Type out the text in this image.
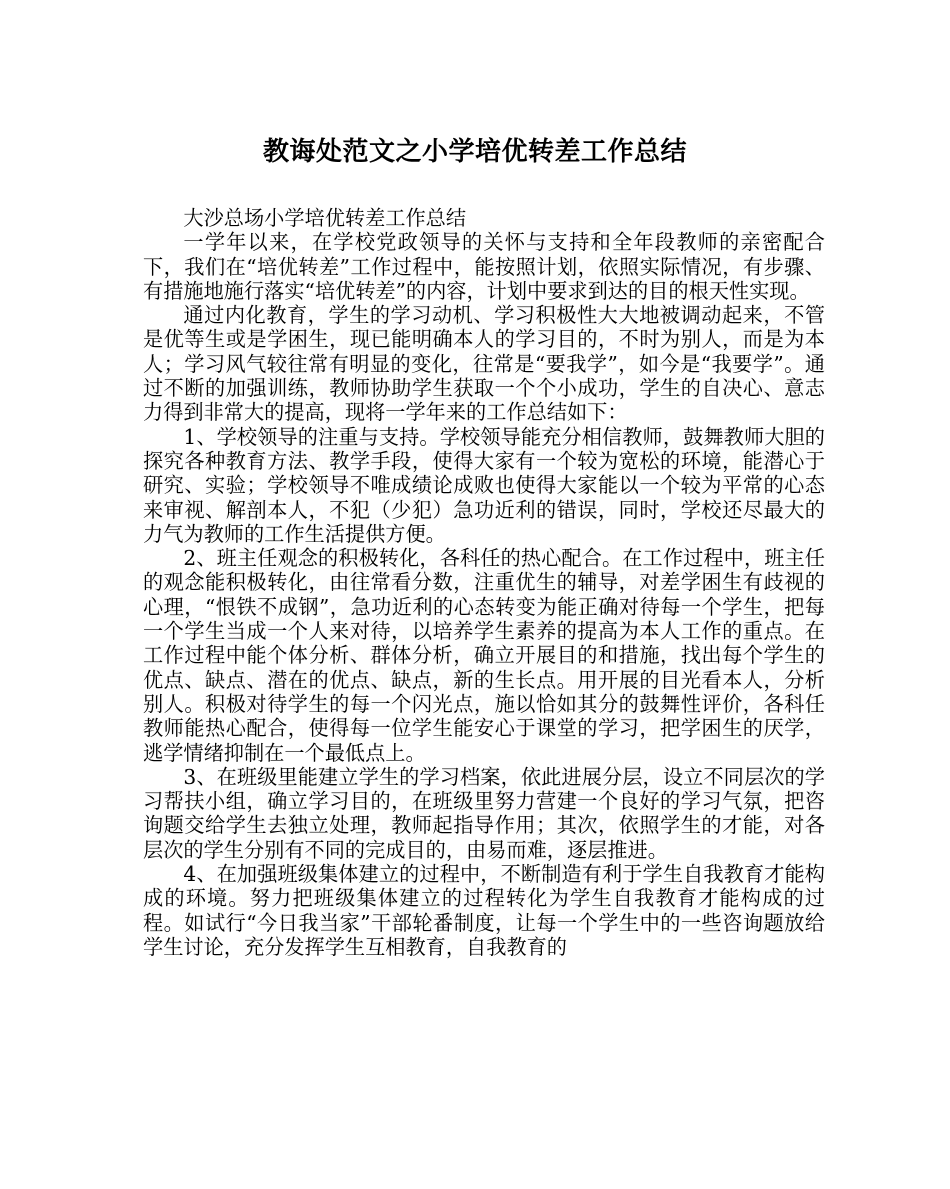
教诲处范文之小学培优转差工作总结

大沙总场小学培优转差工作总结

一学年以来，在学校党政领导的关怀与支持和全年段教师的亲密配合下，我们在“培优转差”工作过程中，能按照计划，依照实际情况，有步骤、有措施地施行落实“培优转差”的内容，计划中要求到达的目的根天性实现。

通过内化教育，学生的学习动机、学习积极性大大地被调动起来，不管是优等生或是学困生，现已能明确本人的学习目的，不时为别人，而是为本人；学习风气较往常有明显的变化，往常是“要我学”，如今是“我要学”。通过不断的加强训练，教师协助学生获取一个个小成功，学生的自决心、意志力得到非常大的提高，现将一学年来的工作总结如下：

1、学校领导的注重与支持。学校领导能充分相信教师，鼓舞教师大胆的探究各种教育方法、教学手段，使得大家有一个较为宽松的环境，能潜心于研究、实验；学校领导不唯成绩论成败也使得大家能以一个较为平常的心态来审视、解剖本人，不犯（少犯）急功近利的错误，同时，学校还尽最大的力气为教师的工作生活提供方便。

2、班主任观念的积极转化，各科任的热心配合。在工作过程中，班主任的观念能积极转化，由往常看分数，注重优生的辅导，对差学困生有歧视的心理，“恨铁不成钢”，急功近利的心态转变为能正确对待每一个学生，把每一个学生当成一个人来对待，以培养学生素养的提高为本人工作的重点。在工作过程中能个体分析、群体分析，确立开展目的和措施，找出每个学生的优点、缺点、潜在的优点、缺点，新的生长点。用开展的目光看本人，分析别人。积极对待学生的每一个闪光点，施以恰如其分的鼓舞性评价，各科任教师能热心配合，使得每一位学生能安心于课堂的学习，把学困生的厌学，逃学情绪抑制在一个最低点上。

3、在班级里能建立学生的学习档案，依此进展分层，设立不同层次的学习帮扶小组，确立学习目的，在班级里努力营建一个良好的学习气氛，把咨询题交给学生去独立处理，教师起指导作用；其次，依照学生的才能，对各层次的学生分别有不同的完成目的，由易而难，逐层推进。

4、在加强班级集体建立的过程中，不断制造有利于学生自我教育才能构成的环境。努力把班级集体建立的过程转化为学生自我教育才能构成的过程。如试行“今日我当家”干部轮番制度，让每一个学生中的一些咨询题放给学生讨论，充分发挥学生互相教育，自我教育的
